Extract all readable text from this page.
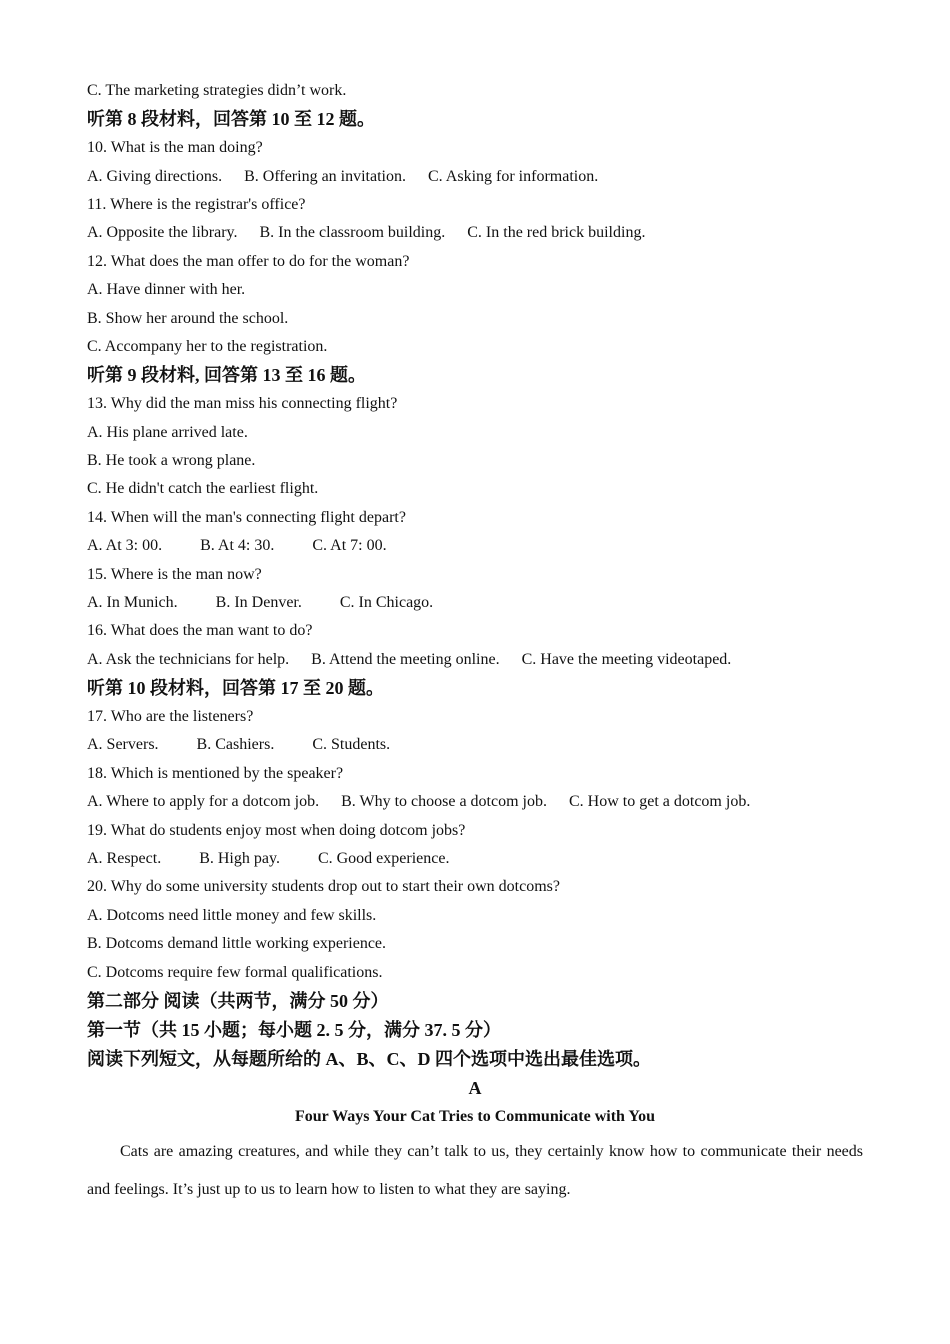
C. The marketing strategies didn’t work.
听第 8 段材料，回答第 10 至 12 题。
10. What is the man doing?
A. Giving directions. B. Offering an invitation. C. Asking for information.
11. Where is the registrar's office?
A. Opposite the library. B. In the classroom building. C. In the red brick building.
12. What does the man offer to do for the woman?
A. Have dinner with her.
B. Show her around the school.
C. Accompany her to the registration.
听第 9 段材料, 回答第 13 至 16 题。
13. Why did the man miss his connecting flight?
A. His plane arrived late.
B. He took a wrong plane.
C. He didn't catch the earliest flight.
14. When will the man's connecting flight depart?
A. At 3: 00. B. At 4: 30. C. At 7: 00.
15. Where is the man now?
A. In Munich. B. In Denver. C. In Chicago.
16. What does the man want to do?
A. Ask the technicians for help. B. Attend the meeting online. C. Have the meeting videotaped.
听第 10 段材料，回答第 17 至 20 题。
17. Who are the listeners?
A. Servers. B. Cashiers. C. Students.
18. Which is mentioned by the speaker?
A. Where to apply for a dotcom job. B. Why to choose a dotcom job. C. How to get a dotcom job.
19. What do students enjoy most when doing dotcom jobs?
A. Respect. B. High pay. C. Good experience.
20. Why do some university students drop out to start their own dotcoms?
A. Dotcoms need little money and few skills.
B. Dotcoms demand little working experience.
C. Dotcoms require few formal qualifications.
第二部分 阅读（共两节，满分 50 分）
第一节（共 15 小题；每小题 2. 5 分，满分 37. 5 分）
阅读下列短文，从每题所给的 A、B、C、D 四个选项中选出最佳选项。
A
Four Ways Your Cat Tries to Communicate with You
Cats are amazing creatures, and while they can’t talk to us, they certainly know how to communicate their needs and feelings. It’s just up to us to learn how to listen to what they are saying.
